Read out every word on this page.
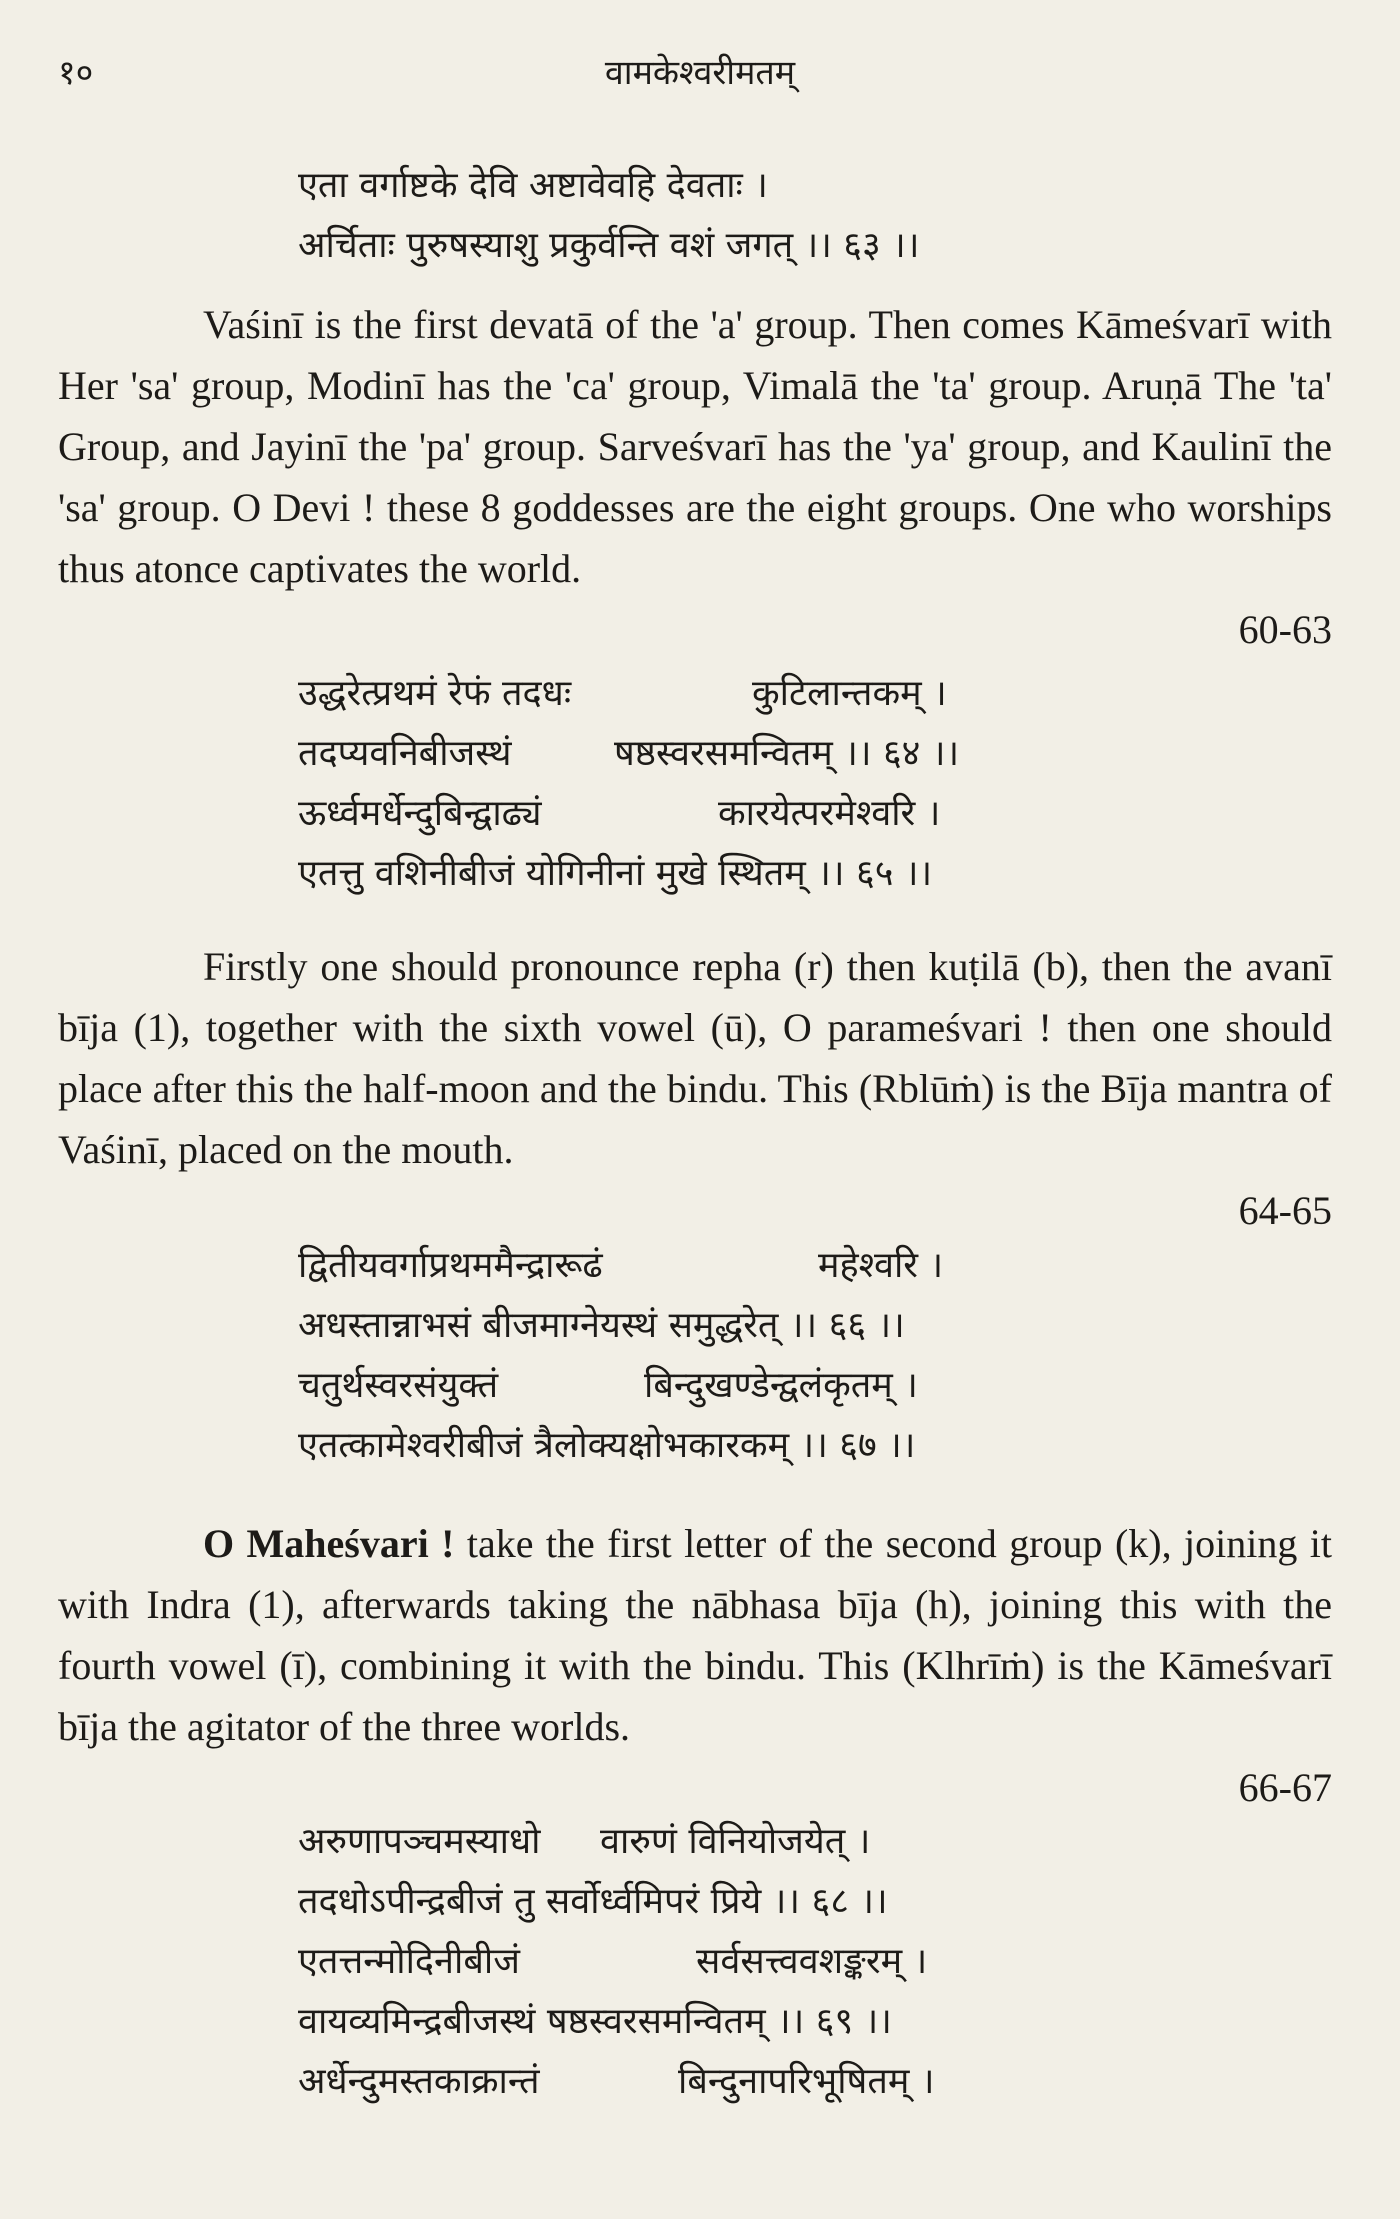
१०	वामकेश्वरीमतम्
एता वर्गाष्टके देवि अष्टावेवहि देवताः ।
अर्चिताः पुरुषस्याशु प्रकुर्वन्ति वशं जगत् ।। ६३ ।।

Vaśinī is the first devatā of the 'a' group. Then comes Kāmeśvarī with Her 'sa' group, Modinī has the 'ca' group, Vimalā the 'ta' group. Aruṇā The 'ta' Group, and Jayinī the 'pa' group. Sarveśvarī has the 'ya' group, and Kaulinī the 'sa' group. O Devi ! these 8 goddesses are the eight groups. One who worships thus atonce captivates the world.

60-63
उद्धरेत्प्रथमं रेफं तदधः	कुटिलान्तकम् ।
तदप्यवनिबीजस्थं	षष्ठस्वरसमन्वितम् ।। ६४ ।।
ऊर्ध्वमर्धेन्दुबिन्द्वाढ्यं	कारयेत्परमेश्वरि ।
एतत्तु वशिनीबीजं योगिनीनां मुखे स्थितम् ।। ६५ ।।

Firstly one should pronounce repha (r) then kuṭilā (b), then the avanī bīja (1), together with the sixth vowel (ū), O parameśvari ! then one should place after this the half-moon and the bindu. This (Rblūṁ) is the Bīja mantra of Vaśinī, placed on the mouth.

64-65
द्वितीयवर्गाप्रथममैन्द्रारूढं	महेश्वरि ।
अधस्तान्नाभसं बीजमाग्नेयस्थं समुद्धरेत् ।। ६६ ।।
चतुर्थस्वरसंयुक्तं	बिन्दुखण्डेन्द्वलंकृतम् ।
एतत्कामेश्वरीबीजं त्रैलोक्यक्षोभकारकम् ।। ६७ ।।

O Maheśvari ! take the first letter of the second group (k), joining it with Indra (1), afterwards taking the nābhasa bīja (h), joining this with the fourth vowel (ī), combining it with the bindu. This (Klhrīṁ) is the Kāmeśvarī bīja the agitator of the three worlds.

66-67
अरुणापञ्चमस्याधो वारुणं विनियोजयेत् ।
तदधोऽपीन्द्रबीजं तु सर्वोर्ध्वमिपरं प्रिये ।। ६८ ।।
एतत्तन्मोदिनीबीजं	सर्वसत्त्ववशङ्करम् ।
वायव्यमिन्द्रबीजस्थं षष्ठस्वरसमन्वितम् ।। ६९ ।।
अर्धेन्दुमस्तकाक्रान्तं	बिन्दुनापरिभूषितम् ।
